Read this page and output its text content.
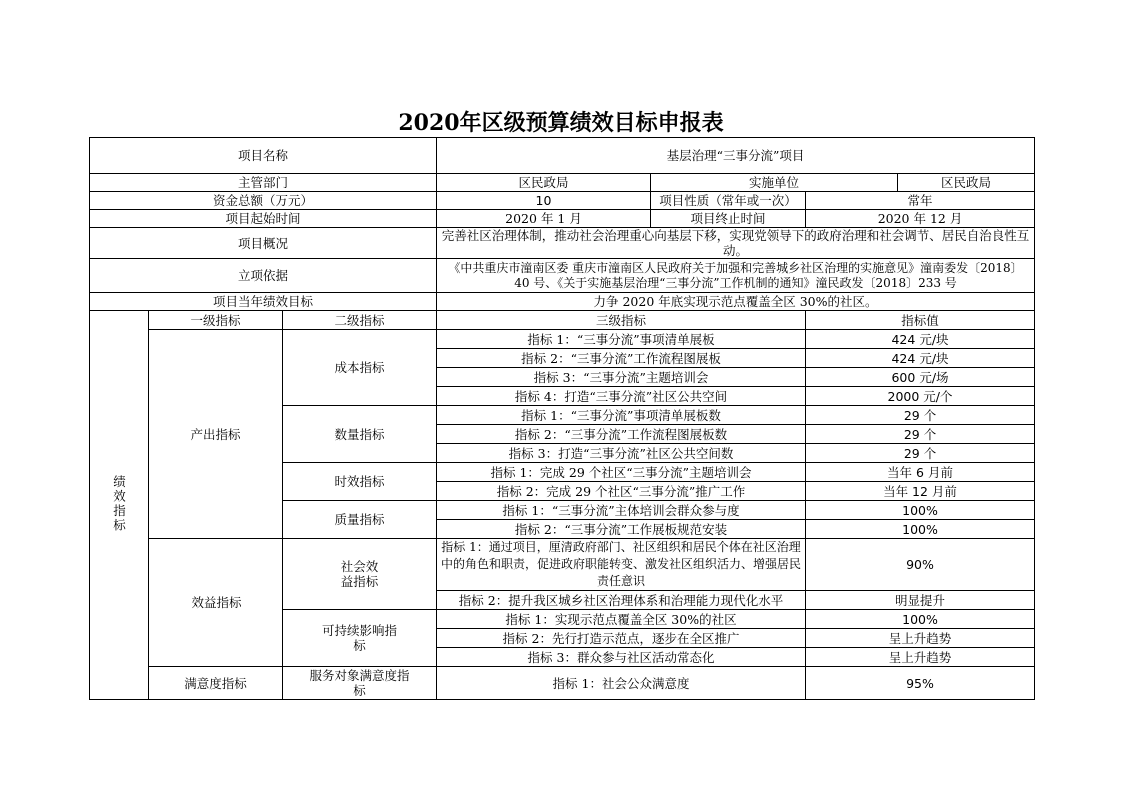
2020年区级预算绩效目标申报表
项目名称	基层治理“三事分流”项目
主管部门	区民政局		实施单位	区民政局

资金总额（万元）	10	项目性质（常年或一次）	常年
项目起始时间	2020 年 1 月	项目终止时间	2020 年 12 月
项目概况	完善社区治理体制，推动社会治理重心向基层下移，实现党领导下的政府治理和社会调节、居民自治良性互动。
立项依据	《中共重庆市潼南区委 重庆市潼南区人民政府关于加强和完善城乡社区治理的实施意见》潼南委发〔2018〕40 号、《关于实施基层治理“三事分流”工作机制的通知》潼民政发〔2018〕233 号
项目当年绩效目标	力争 2020 年底实现示范点覆盖全区 30%的社区。
绩效指标	一级指标	二级指标	三级指标	指标值
产出指标	成本指标	指标 1：“三事分流”事项清单展板	424 元/块
指标 2：“三事分流”工作流程图展板	424 元/块
指标 3：“三事分流”主题培训会	600 元/场
指标 4：打造“三事分流”社区公共空间	2000 元/个
数量指标	指标 1：“三事分流”事项清单展板数	29 个
指标 2：“三事分流”工作流程图展板数	29 个
指标 3：打造“三事分流”社区公共空间数	29 个
时效指标	指标 1：完成 29 个社区“三事分流”主题培训会	当年 6 月前
指标 2：完成 29 个社区“三事分流”推广工作	当年 12 月前
质量指标	指标 1：“三事分流”主体培训会群众参与度	100%
指标 2：“三事分流”工作展板规范安装	100%
效益指标	社会效益指标	指标 1：通过项目，厘清政府部门、社区组织和居民个体在社区治理中的角色和职责，促进政府职能转变、激发社区组织活力、增强居民责任意识	90%
指标 2：提升我区城乡社区治理体系和治理能力现代化水平	明显提升
可持续影响指标	指标 1：实现示范点覆盖全区 30%的社区	100%
指标 2：先行打造示范点，逐步在全区推广	呈上升趋势
指标 3：群众参与社区活动常态化	呈上升趋势
满意度指标	服务对象满意度指标	指标 1：社会公众满意度	95%
